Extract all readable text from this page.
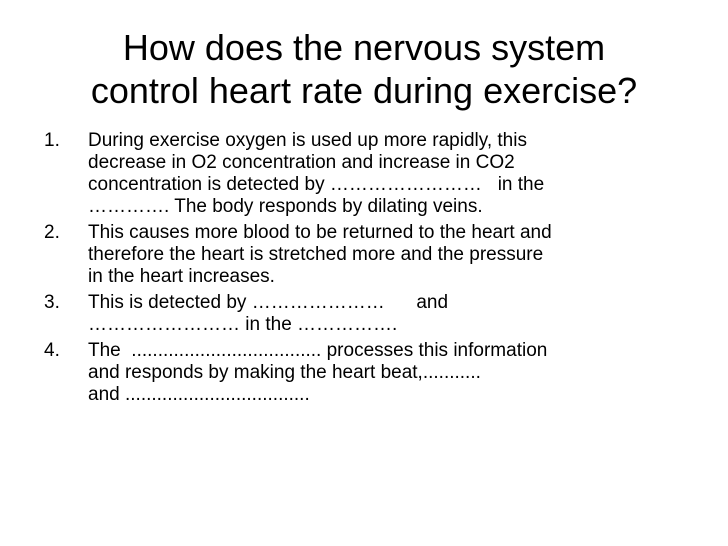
How does the nervous system
control heart rate during exercise?
1. During exercise oxygen is used up more rapidly, this
decrease in O2 concentration and increase in CO2
concentration is detected by ……………………   in the
…………. The body responds by dilating veins.
2. This causes more blood to be returned to the heart and
therefore the heart is stretched more and the pressure
in the heart increases.
3. This is detected by …………………      and
…………………… in the …………….
4. The  .................................... processes this information
and responds by making the heart beat,...........
and ...................................
